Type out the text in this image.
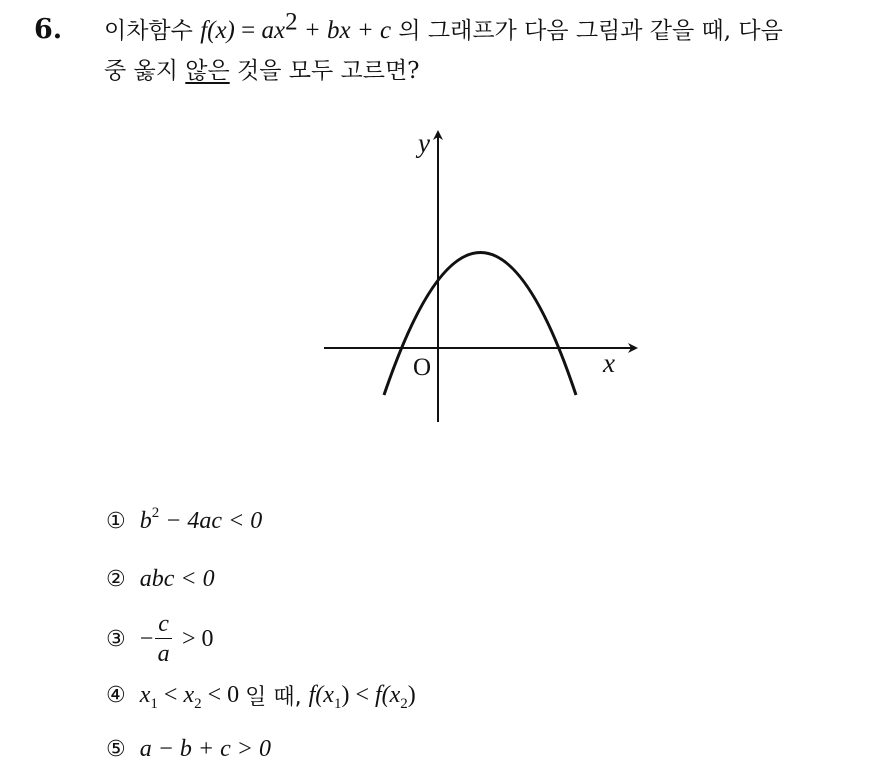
6. 이차함수 $f(x) = ax^2$ + bx + c 의 그래프가 다음 그림과 같을 때, 다음
중 옳지 않은 것을 모두 고르면?
y
x
O
① $b^2 - 4ac < 0$
② abc < 0
③ − $\frac{c}{a} > 0$
④ $x_1 < x_2 < 0$ 일 때, $f(x_1$ ) < $f(x_2$ )
⑤ a − b + c > 0
